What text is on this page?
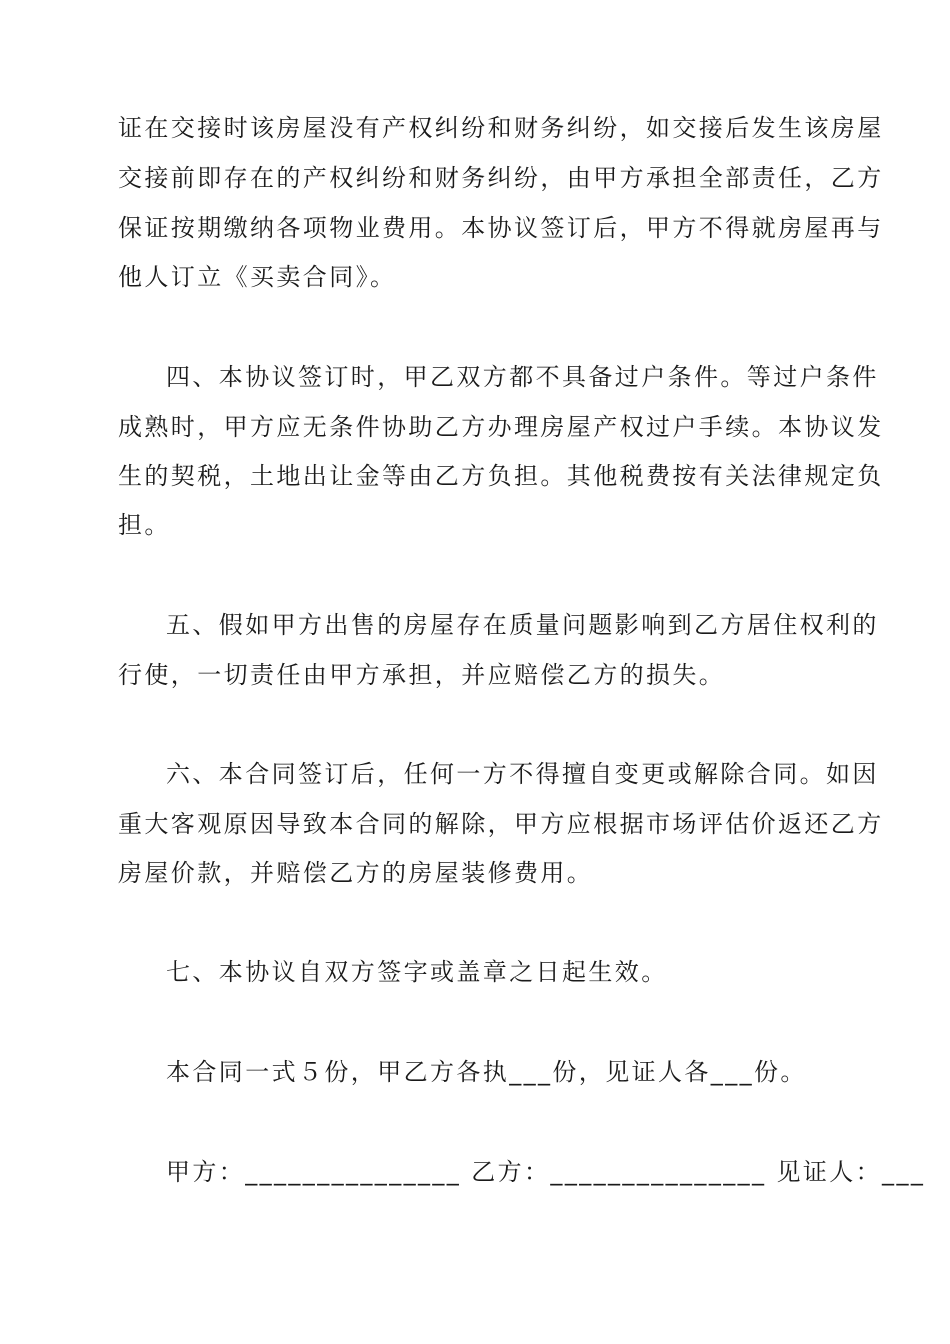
证在交接时该房屋没有产权纠纷和财务纠纷，如交接后发生该房屋
交接前即存在的产权纠纷和财务纠纷，由甲方承担全部责任，乙方
保证按期缴纳各项物业费用。本协议签订后，甲方不得就房屋再与
他人订立《买卖合同》。
四、本协议签订时，甲乙双方都不具备过户条件。等过户条件
成熟时，甲方应无条件协助乙方办理房屋产权过户手续。本协议发
生的契税，土地出让金等由乙方负担。其他税费按有关法律规定负
担。
五、假如甲方出售的房屋存在质量问题影响到乙方居住权利的
行使，一切责任由甲方承担，并应赔偿乙方的损失。
六、本合同签订后，任何一方不得擅自变更或解除合同。如因
重大客观原因导致本合同的解除，甲方应根据市场评估价返还乙方
房屋价款，并赔偿乙方的房屋装修费用。
七、本协议自双方签字或盖章之日起生效。
本合同一式５份，甲乙方各执___份，见证人各___份。
甲方：_______________ 乙方：_______________ 见证人：___
